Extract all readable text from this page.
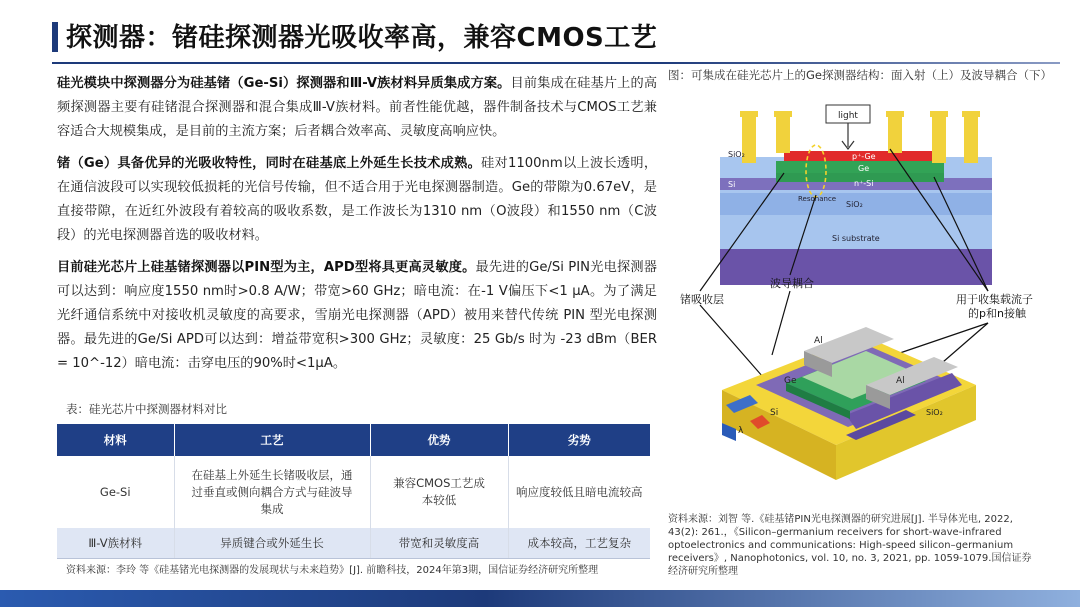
探测器：锗硅探测器光吸收率高，兼容CMOS工艺

硅光模块中探测器分为硅基锗（Ge-Si）探测器和Ⅲ-V族材料异质集成方案。目前集成在硅基片上的高频探测器主要有硅锗混合探测器和混合集成Ⅲ-V族材料。前者性能优越，器件制备技术与CMOS工艺兼容适合大规模集成，是目前的主流方案；后者耦合效率高、灵敏度高响应快。

锗（Ge）具备优异的光吸收特性，同时在硅基底上外延生长技术成熟。硅对1100nm以上波长透明，在通信波段可以实现较低损耗的光信号传输，但不适合用于光电探测器制造。Ge的带隙为0.67eV，是直接带隙，在近红外波段有着较高的吸收系数，是工作波长为1310 nm（O波段）和1550 nm（C波段）的光电探测器首选的吸收材料。

目前硅光芯片上硅基锗探测器以PIN型为主，APD型将具更高灵敏度。最先进的Ge/Si PIN光电探测器可以达到：响应度1550 nm时>0.8 A/W；带宽>60 GHz；暗电流：在-1 V偏压下<1 μA。为了满足光纤通信系统中对接收机灵敏度的高要求，雪崩光电探测器（APD）被用来替代传统 PIN 型光电探测器。最先进的Ge/Si APD可以达到：增益带宽积>300 GHz；灵敏度：25 Gb/s 时为 -23 dBm（BER = 10^-12）暗电流：击穿电压的90%时<1μA。

表：硅光芯片中探测器材料对比
材料	工艺	优势	劣势
Ge-Si	在硅基上外延生长锗吸收层，通过垂直或侧向耦合方式与硅波导集成	兼容CMOS工艺成本较低	响应度较低且暗电流较高
Ⅲ-V族材料	异质键合或外延生长	带宽和灵敏度高	成本较高，工艺复杂
资料来源：李玲 等《硅基锗光电探测器的发展现状与未来趋势》[J]. 前瞻科技，2024年第3期，国信证券经济研究所整理
图：可集成在硅光芯片上的Ge探测器结构：面入射（上）及波导耦合（下）
light
SiO₂	p⁺-Ge
Ge
Si	n⁺-Si
Resonance
SiO₂
Si substrate
锗吸收层
波导耦合
用于收集载流子
的p和n接触
Al
Al
Ge
Si
λ
SiO₂
资料来源：刘智 等.《硅基锗PIN光电探测器的研究进展[J]. 半导体光电, 2022, 43(2): 261.，《Silicon–germanium receivers for short-wave-infrared optoelectronics and communications: High-speed silicon–germanium receivers》, Nanophotonics, vol. 10, no. 3, 2021, pp. 1059-1079.国信证券经济研究所整理
